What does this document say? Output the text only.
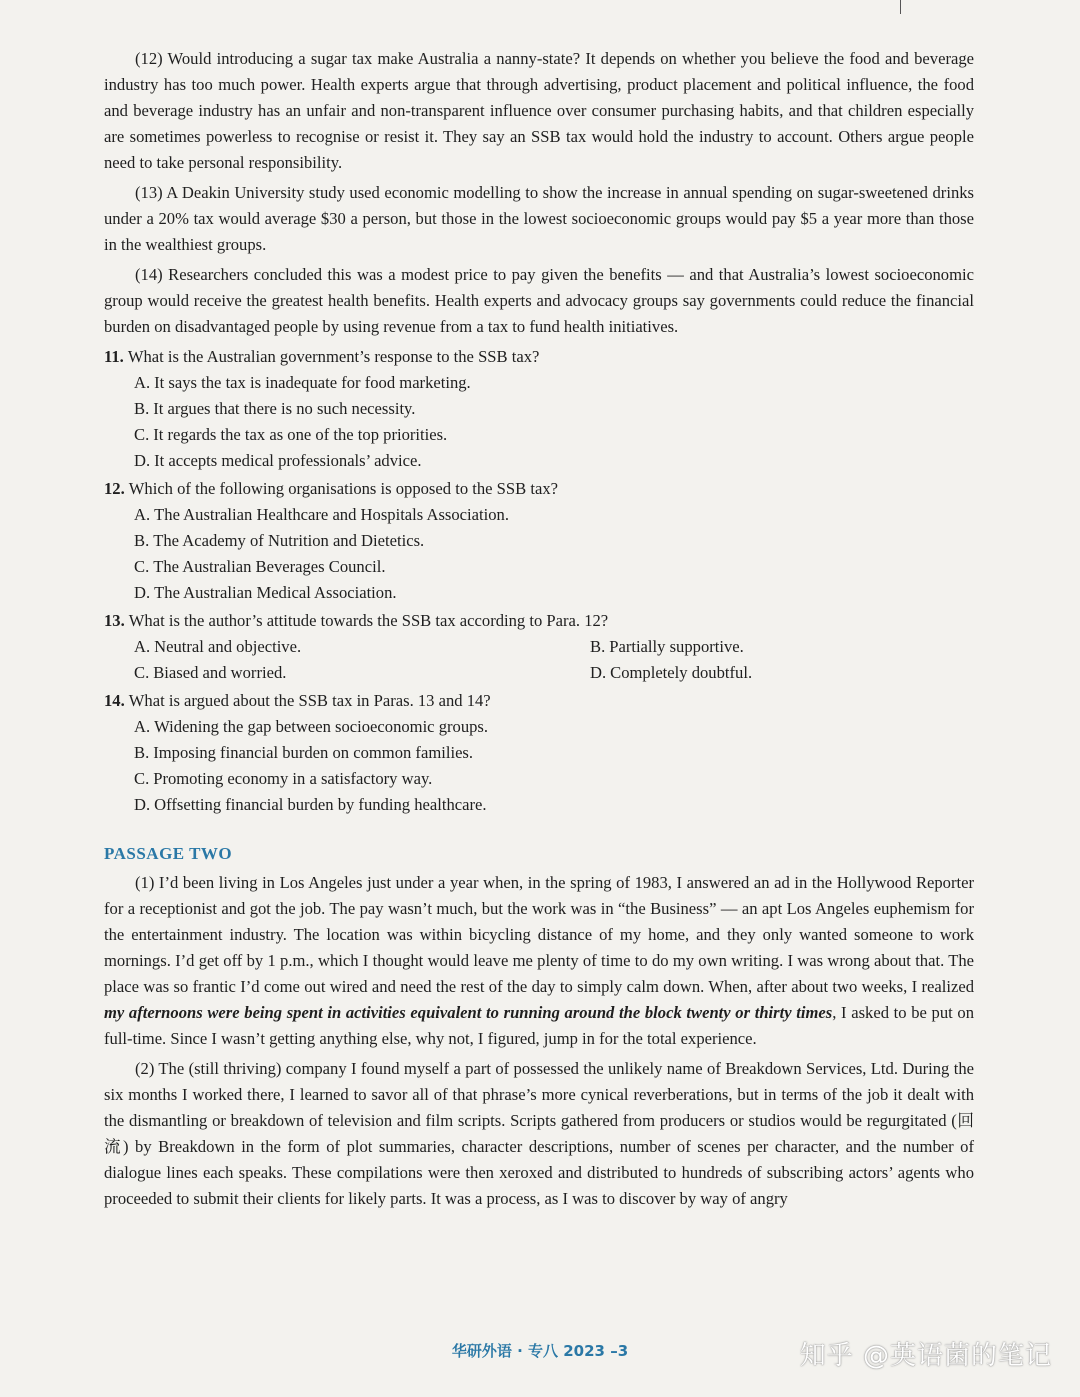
(12) Would introducing a sugar tax make Australia a nanny-state? It depends on whether you believe the food and beverage industry has too much power. Health experts argue that through advertising, product placement and political influence, the food and beverage industry has an unfair and non-transparent influence over consumer purchasing habits, and that children especially are sometimes powerless to recognise or resist it. They say an SSB tax would hold the industry to account. Others argue people need to take personal responsibility.

(13) A Deakin University study used economic modelling to show the increase in annual spending on sugar-sweetened drinks under a 20% tax would average $30 a person, but those in the lowest socioeconomic groups would pay $5 a year more than those in the wealthiest groups.

(14) Researchers concluded this was a modest price to pay given the benefits — and that Australia’s lowest socioeconomic group would receive the greatest health benefits. Health experts and advocacy groups say governments could reduce the financial burden on disadvantaged people by using revenue from a tax to fund health initiatives.

11. What is the Australian government’s response to the SSB tax?
A. It says the tax is inadequate for food marketing.
B. It argues that there is no such necessity.
C. It regards the tax as one of the top priorities.
D. It accepts medical professionals’ advice.
12. Which of the following organisations is opposed to the SSB tax?
A. The Australian Healthcare and Hospitals Association.
B. The Academy of Nutrition and Dietetics.
C. The Australian Beverages Council.
D. The Australian Medical Association.
13. What is the author’s attitude towards the SSB tax according to Para. 12?
A. Neutral and objective.	B. Partially supportive.
C. Biased and worried.	D. Completely doubtful.
14. What is argued about the SSB tax in Paras. 13 and 14?
A. Widening the gap between socioeconomic groups.
B. Imposing financial burden on common families.
C. Promoting economy in a satisfactory way.
D. Offsetting financial burden by funding healthcare.
PASSAGE TWO

(1) I’d been living in Los Angeles just under a year when, in the spring of 1983, I answered an ad in the Hollywood Reporter for a receptionist and got the job. The pay wasn’t much, but the work was in “the Business” — an apt Los Angeles euphemism for the entertainment industry. The location was within bicycling distance of my home, and they only wanted someone to work mornings. I’d get off by 1 p.m., which I thought would leave me plenty of time to do my own writing. I was wrong about that. The place was so frantic I’d come out wired and need the rest of the day to simply calm down. When, after about two weeks, I realized my afternoons were being spent in activities equivalent to running around the block twenty or thirty times, I asked to be put on full-time. Since I wasn’t getting anything else, why not, I figured, jump in for the total experience.

(2) The (still thriving) company I found myself a part of possessed the unlikely name of Breakdown Services, Ltd. During the six months I worked there, I learned to savor all of that phrase’s more cynical reverberations, but in terms of the job it dealt with the dismantling or breakdown of television and film scripts. Scripts gathered from producers or studios would be regurgitated (回流) by Breakdown in the form of plot summaries, character descriptions, number of scenes per character, and the number of dialogue lines each speaks. These compilations were then xeroxed and distributed to hundreds of subscribing actors’ agents who proceeded to submit their clients for likely parts. It was a process, as I was to discover by way of angry

华研外语 · 专八 2023 –3	知乎 @英语菌的笔记
